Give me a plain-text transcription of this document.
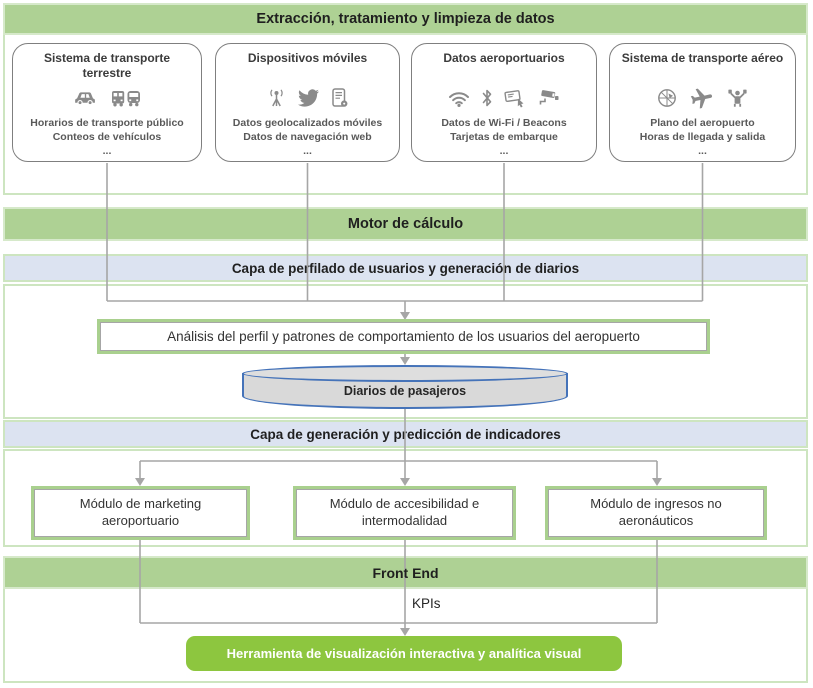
Extracción, tratamiento y limpieza de datos
Sistema de transporte terrestre
Horarios de transporte público
Conteos de vehículos
...
Dispositivos móviles
Datos geolocalizados móviles
Datos de navegación web
...
Datos aeroportuarios
Datos de Wi-Fi / Beacons
Tarjetas de embarque
...
Sistema de transporte aéreo
Plano del aeropuerto
Horas de llegada y salida
...
Motor de cálculo
Capa de perfilado de usuarios y generación de diarios
Análisis del perfil y patrones de comportamiento de los usuarios del aeropuerto
Diarios de pasajeros
Capa de generación y predicción de indicadores
Módulo de marketing aeroportuario
Módulo de accesibilidad e intermodalidad
Módulo de ingresos no aeronáuticos
Front End
KPIs
Herramienta de visualización interactiva y analítica visual
